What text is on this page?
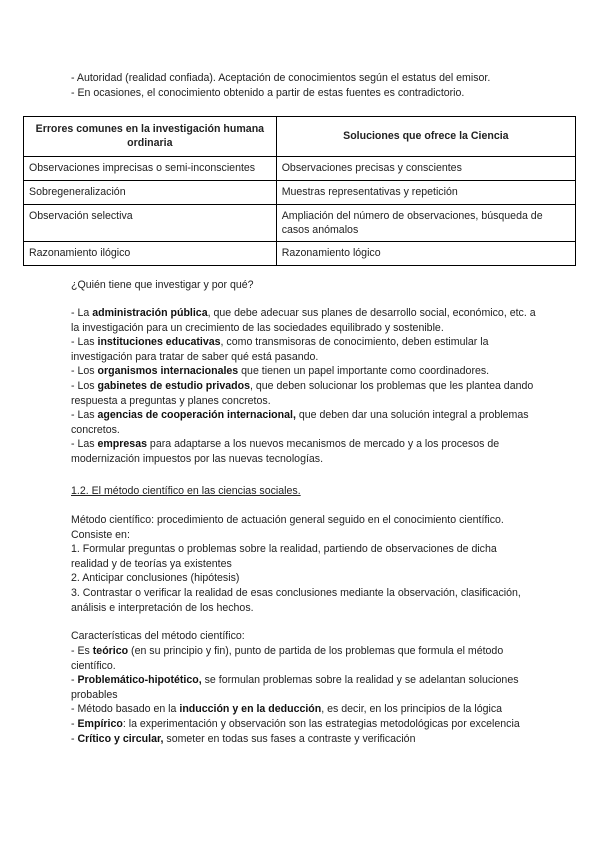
- Autoridad (realidad confiada). Aceptación de conocimientos según el estatus del emisor.

- En ocasiones, el conocimiento obtenido a partir de estas fuentes es contradictorio.

Errores comunes en la investigación humana ordinaria	Soluciones que ofrece la Ciencia
Observaciones imprecisas o semi-inconscientes	Observaciones precisas y conscientes
Sobregeneralización	Muestras representativas y repetición
Observación selectiva	Ampliación del número de observaciones, búsqueda de casos anómalos
Razonamiento ilógico	Razonamiento lógico

¿Quién tiene que investigar y por qué?

- La administración pública, que debe adecuar sus planes de desarrollo social, económico, etc. a la investigación para un crecimiento de las sociedades equilibrado y sostenible.
- Las instituciones educativas, como transmisoras de conocimiento, deben estimular la investigación para tratar de saber qué está pasando.
- Los organismos internacionales que tienen un papel importante como coordinadores.
- Los gabinetes de estudio privados, que deben solucionar los problemas que les plantea dando respuesta a preguntas y planes concretos.
- Las agencias de cooperación internacional, que deben dar una solución integral a problemas concretos.
- Las empresas para adaptarse a los nuevos mecanismos de mercado y a los procesos de modernización impuestos por las nuevas tecnologías.

1.2. El método científico en las ciencias sociales.

Método científico: procedimiento de actuación general seguido en el conocimiento científico.
Consiste en:
1. Formular preguntas o problemas sobre la realidad, partiendo de observaciones de dicha realidad y de teorías ya existentes
2. Anticipar conclusiones (hipótesis)
3. Contrastar o verificar la realidad de esas conclusiones mediante la observación, clasificación, análisis e interpretación de los hechos.

Características del método científico:

- Es teórico (en su principio y fin), punto de partida de los problemas que formula el método científico.
- Problemático-hipotético, se formulan problemas sobre la realidad y se adelantan soluciones probables
- Método basado en la inducción y en la deducción, es decir, en los principios de la lógica
- Empírico: la experimentación y observación son las estrategias metodológicas por excelencia
- Crítico y circular, someter en todas sus fases a contraste y verificación
